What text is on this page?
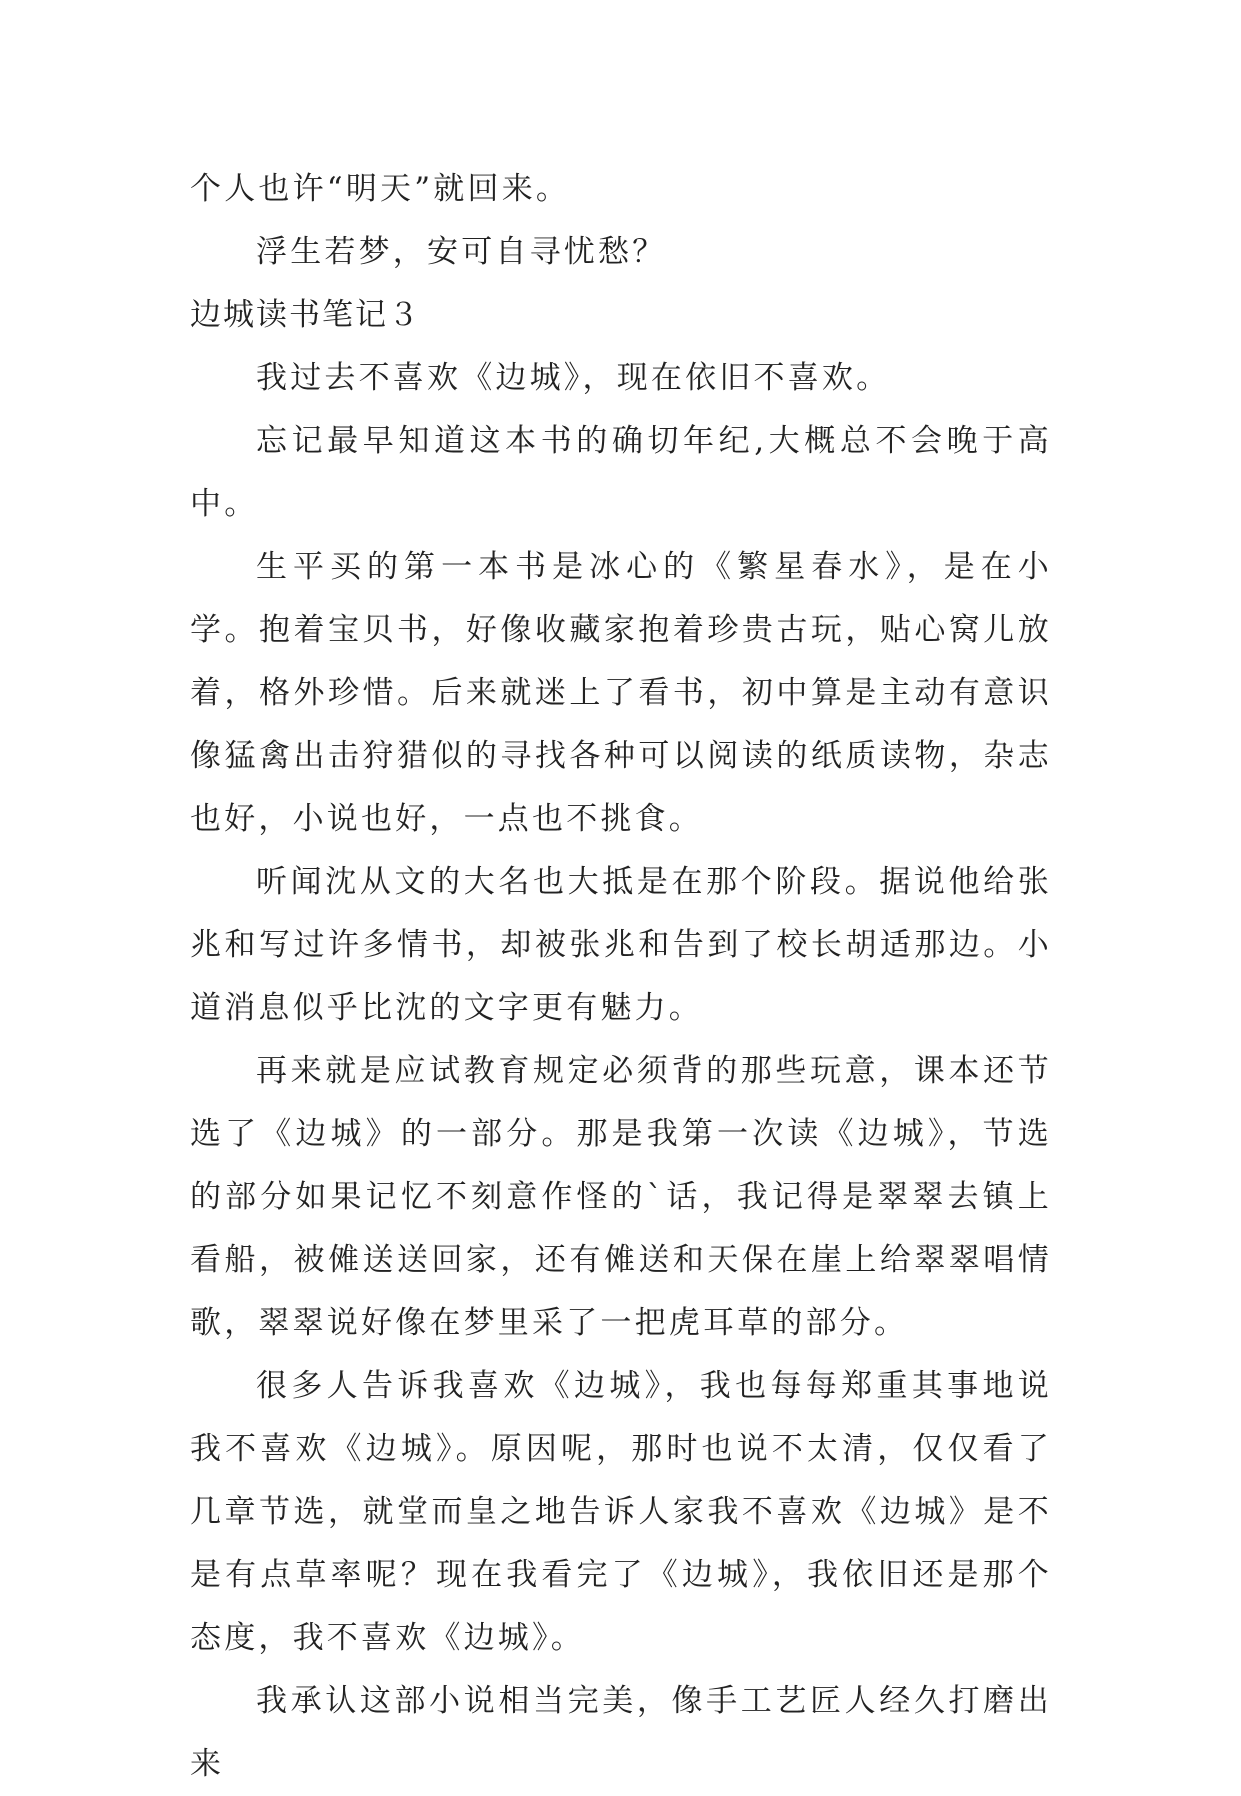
个人也许“明天”就回来。

浮生若梦，安可自寻忧愁？

边城读书笔记３

我过去不喜欢《边城》，现在依旧不喜欢。

忘记最早知道这本书的确切年纪,大概总不会晚于高中。

生平买的第一本书是冰心的《繁星春水》，是在小学。抱着宝贝书，好像收藏家抱着珍贵古玩，贴心窝儿放着，格外珍惜。后来就迷上了看书，初中算是主动有意识像猛禽出击狩猎似的寻找各种可以阅读的纸质读物，杂志也好，小说也好，一点也不挑食。

听闻沈从文的大名也大抵是在那个阶段。据说他给张兆和写过许多情书，却被张兆和告到了校长胡适那边。小道消息似乎比沈的文字更有魅力。

再来就是应试教育规定必须背的那些玩意，课本还节选了《边城》的一部分。那是我第一次读《边城》，节选的部分如果记忆不刻意作怪的`话，我记得是翠翠去镇上看船，被傩送送回家，还有傩送和天保在崖上给翠翠唱情歌，翠翠说好像在梦里采了一把虎耳草的部分。

很多人告诉我喜欢《边城》，我也每每郑重其事地说我不喜欢《边城》。原因呢，那时也说不太清，仅仅看了几章节选，就堂而皇之地告诉人家我不喜欢《边城》是不是有点草率呢？现在我看完了《边城》，我依旧还是那个态度，我不喜欢《边城》。

我承认这部小说相当完美，像手工艺匠人经久打磨出来
